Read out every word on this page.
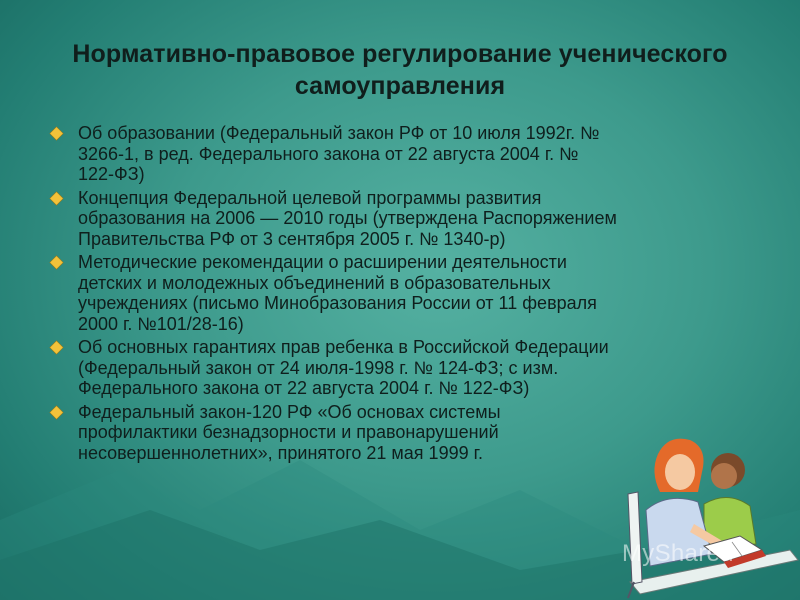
Нормативно-правовое регулирование ученического
самоуправления
Об образовании (Федеральный закон РФ от 10 июля 1992г. №
3266-1, в ред. Федерального закона от 22 августа 2004 г. №
122-ФЗ)
Концепция Федеральной целевой программы развития
образования на 2006 — 2010 годы (утверждена Распоряжением
Правительства РФ от 3 сентября 2005 г. № 1340-р)
Методические рекомендации о расширении деятельности
детских и молодежных объединений в образовательных
учреждениях (письмо Минобразования России от 11 февраля
2000 г. №101/28-16)
Об основных гарантиях прав ребенка в Российской Федерации
(Федеральный закон от 24 июля-1998 г. № 124-ФЗ; с изм.
Федерального закона от 22 августа 2004 г. № 122-ФЗ)
Федеральный закон-120 РФ «Об основах системы
профилактики безнадзорности и правонарушений
несовершеннолетних», принятого 21 мая 1999 г.
MyShared
